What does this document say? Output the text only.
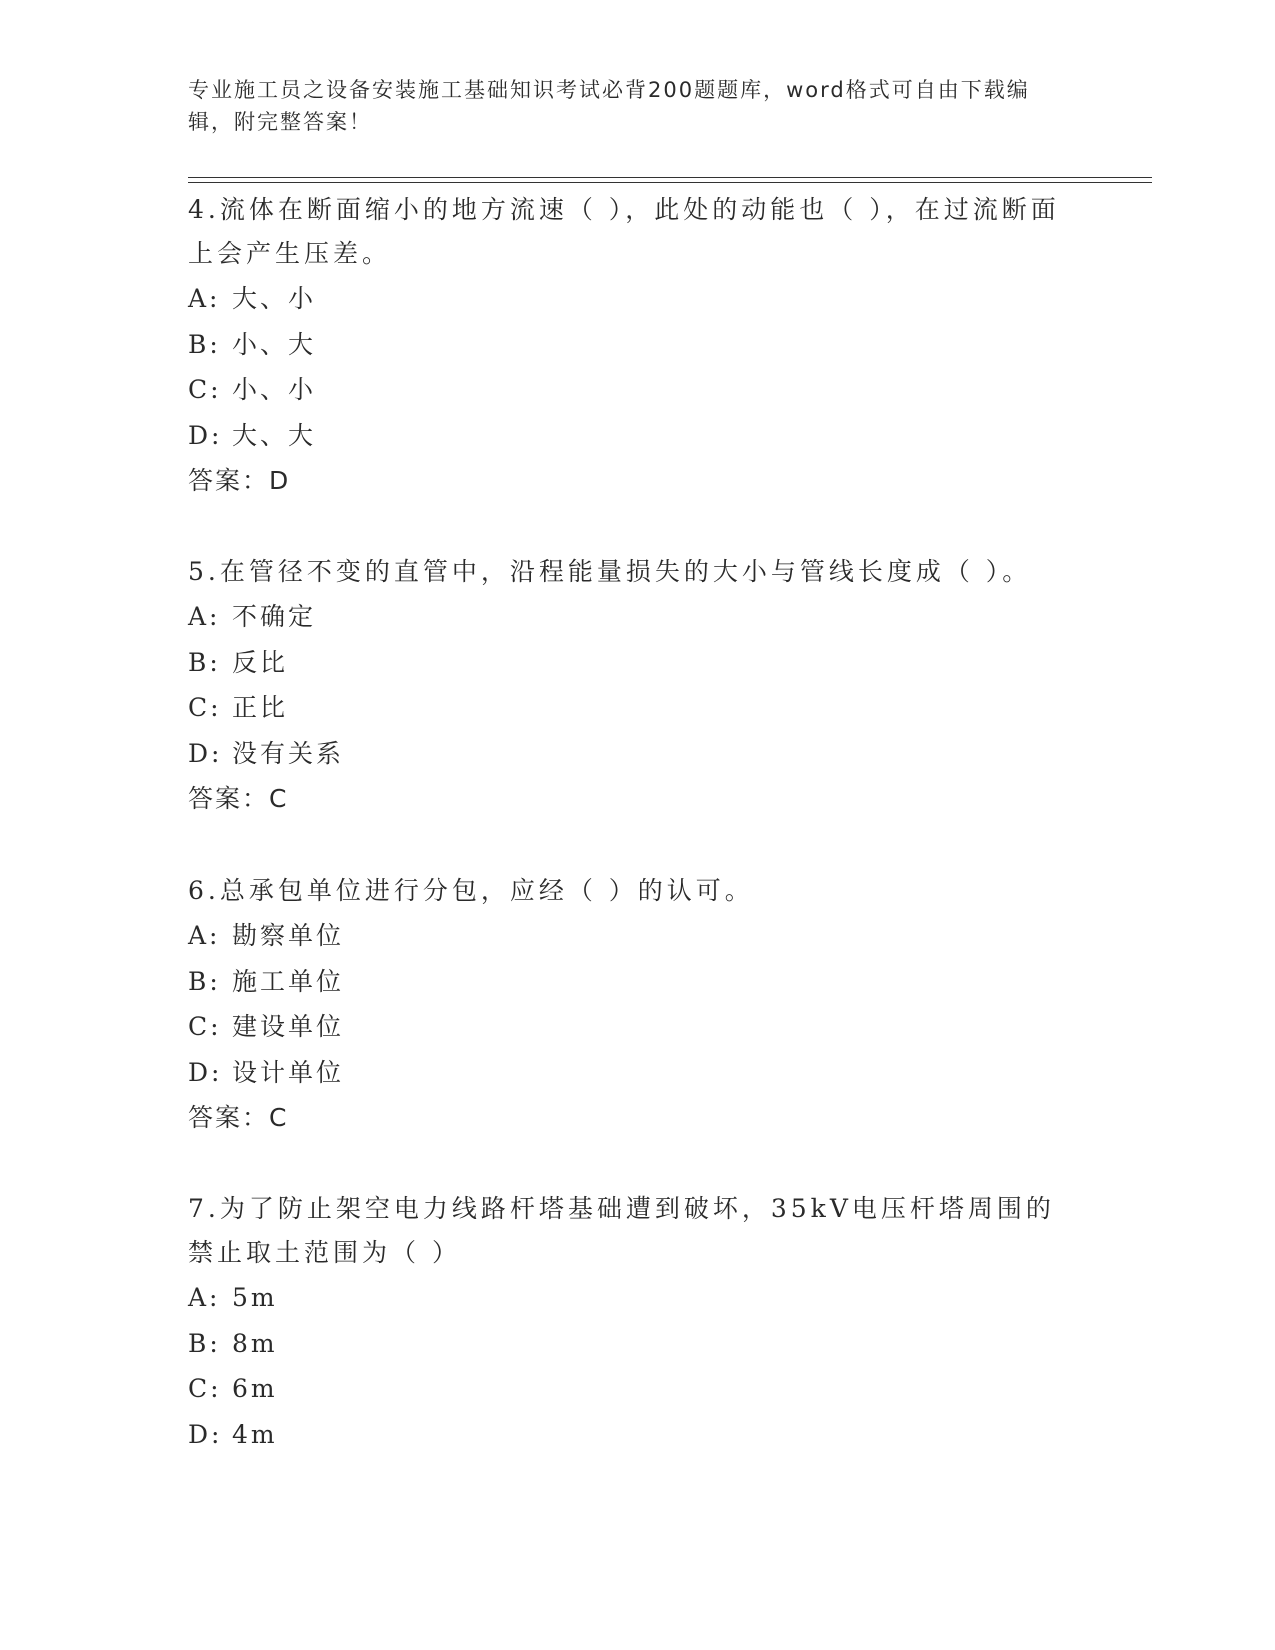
专业施工员之设备安装施工基础知识考试必背200题题库，word格式可自由下载编辑，附完整答案！

4.流体在断面缩小的地方流速（ ），此处的动能也（ ），在过流断面上会产生压差。

A: 大、小

B: 小、大

C: 小、小

D: 大、大

答案：D

5.在管径不变的直管中，沿程能量损失的大小与管线长度成（ ）。

A: 不确定

B: 反比

C: 正比

D: 没有关系

答案：C

6.总承包单位进行分包，应经（ ）的认可。

A: 勘察单位

B: 施工单位

C: 建设单位

D: 设计单位

答案：C

7.为了防止架空电力线路杆塔基础遭到破坏，35kV电压杆塔周围的禁止取土范围为（ ）

A: 5m

B: 8m

C: 6m

D: 4m
